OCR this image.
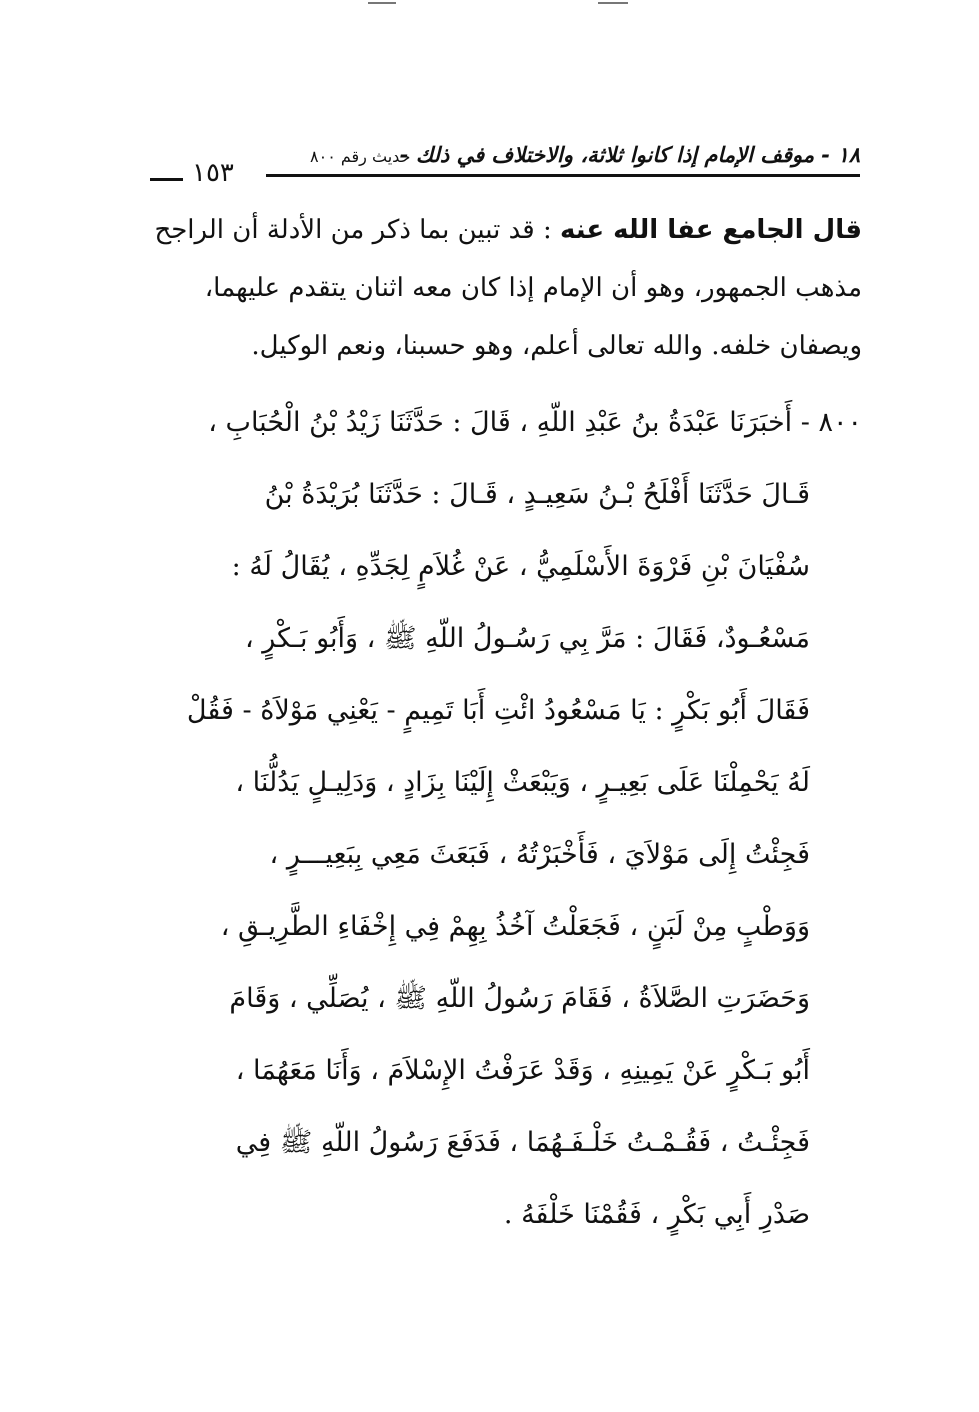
١٨ - موقف الإمام إذا كانوا ثلاثة، والاختلاف في ذلك -
حديث رقم ٨٠٠
١٥٣
قال الجامع عفا الله عنه : قد تبين بما ذكر من الأدلة أن الراجح
مذهب الجمهور، وهو أن الإمام إذا كان معه اثنان يتقدم عليهما،
ويصفان خلفه. والله تعالى أعلم، وهو حسبنا، ونعم الوكيل.
٨٠٠ - أَخبَرَنَا عَبْدَةُ بنُ عَبْدِ اللّهِ ، قَالَ : حَدَّثَنَا زَيْدُ بْنُ الْحُبَابِ ،
قَـالَ حَدَّثَنَا أَفْلَحُ بْـنُ سَعِيـدٍ ، قَـالَ : حَدَّثَنَا بُرَيْدَةُ بْنُ
سُفْيَانَ بْنِ فَرْوَةَ الأَسْلَمِيُّ ، عَنْ غُلاَمٍ لِجَدِّهِ ، يُقَالُ لَهُ :
مَسْعُـودٌ، فَقَالَ : مَرَّ بِي رَسُـولُ اللّهِ ﷺ ، وَأَبُو بَـكْرٍ ،
فَقَالَ أَبُو بَكْرٍ : يَا مَسْعُودُ ائْتِ أَبَا تَمِيمٍ - يَعْنِي مَوْلاَهُ - فَقُلْ
لَهُ يَحْمِلْنَا عَلَى بَعِيـرٍ ، وَيَبْعَثْ إِلَيْنَا بِزَادٍ ، وَدَلِيـلٍ يَدُلُّنَا ،
فَجِئْتُ إِلَى مَوْلاَيَ ، فَأَخْبَرْتُهُ ، فَبَعَثَ مَعِي بِبَعِيـــرٍ ،
وَوَطْبٍ مِنْ لَبَنٍ ، فَجَعَلْتُ آخُذُ بِهِمْ فِي إِخْفَاءِ الطَّرِيـقِ ،
وَحَضَرَتِ الصَّلاَةُ ، فَقَامَ رَسُولُ اللّهِ ﷺ ، يُصَلِّي ، وَقَامَ
أَبُو بَـكْرٍ عَنْ يَمِينِهِ ، وَقَدْ عَرَفْتُ الإِسْلاَمَ ، وَأَنَا مَعَهُمَا ،
فَجِئْـتُ ، فَقُـمْـتُ خَلْـفَـهُمَا ، فَدَفَعَ رَسُولُ اللّهِ ﷺ فِي
صَدْرِ أَبِي بَكْرٍ ، فَقُمْنَا خَلْفَهُ .
